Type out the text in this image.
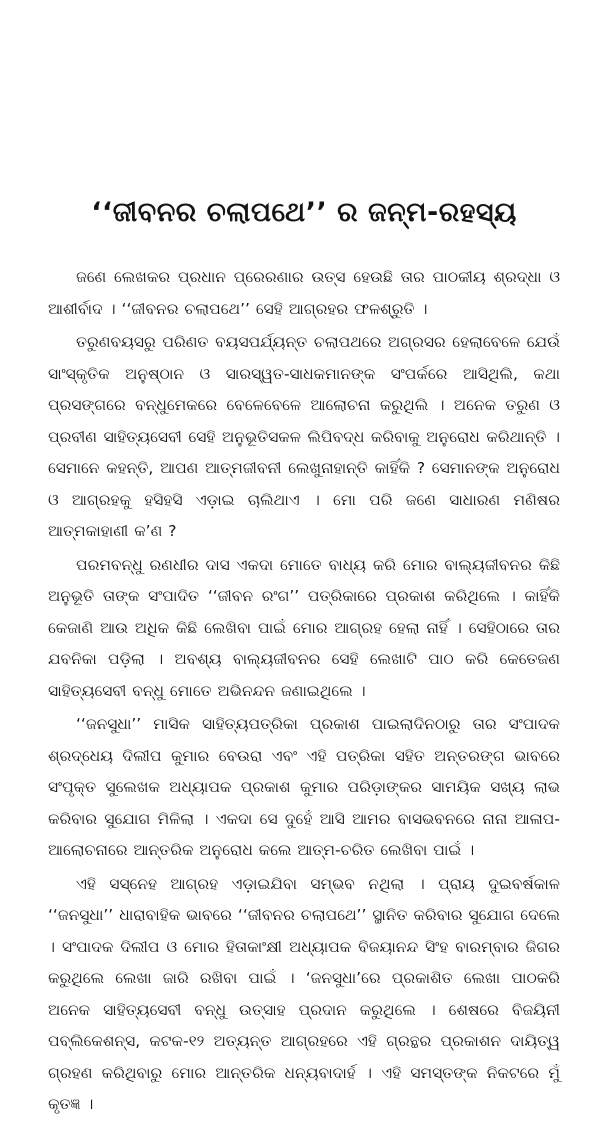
‘‘ଜୀବନର ଚଲାପଥେ’’ ର ଜନ୍ମ-ରହସ୍ୟ

ଜଣେ ଲେଖକର ପ୍ରଧାନ ପ୍ରେରଣାର ଉତ୍ସ ହେଉଛି ତାର ପାଠକୀୟ ଶ୍ରଦ୍ଧା ଓ ଆଶୀର୍ବାଦ । ‘‘ଜୀବନର ଚଲାପଥେ’’ ସେହି ଆଗ୍ରହର ଫଳଶ୍ରୁତି ।

ତରୁଣବୟସରୁ ପରିଣତ ବୟସପର୍ଯ୍ୟନ୍ତ ଚଲାପଥରେ ଅଗ୍ରସର ହେଲାବେଳେ ଯେଉଁ ସାଂସ୍କୃତିକ ଅନୁଷ୍ଠାନ ଓ ସାରସ୍ୱତ-ସାଧକମାନଙ୍କ ସଂପର୍କରେ ଆସିଥିଲି, କଥା ପ୍ରସଙ୍ଗରେ ବନ୍ଧୁମେକରେ ବେଳେବେଳେ ଆଲୋଚନା କରୁଥିଲି । ଅନେକ ତରୁଣ ଓ ପ୍ରବୀଣ ସାହିତ୍ୟସେବୀ ସେହି ଅନୁଭୂତିସକଳ ଲିପିବଦ୍ଧ କରିବାକୁ ଅନୁରୋଧ କରିଥାନ୍ତି । ସେମାନେ କହନ୍ତି, ଆପଣ ଆତ୍ମଜୀବନୀ ଲେଖୁନାହାନ୍ତି କାହିଁକି ? ସେମାନଙ୍କ ଅନୁରୋଧ ଓ ଆଗ୍ରହକୁ ହସିହସି ଏଡ଼ାଇ ଚାଲିଥାଏ । ମୋ ପରି ଜଣେ ସାଧାରଣ ମଣିଷର ଆତ୍ମକାହାଣୀ କ’ଣ ?

ପରମବନ୍ଧୁ ରଣଧୀର ଦାସ ଏକଦା ମୋତେ ବାଧ୍ୟ କରି ମୋର ବାଲ୍ୟଜୀବନର କିଛି ଅନୁଭୂତି ତାଙ୍କ ସଂପାଦିତ ‘‘ଜୀବନ ରଂଗ’’ ପତ୍ରିକାରେ ପ୍ରକାଶ କରିଥିଲେ । କାହିଁକି କେଜାଣି ଆଉ ଅଧିକ କିଛି ଲେଖିବା ପାଇଁ ମୋର ଆଗ୍ରହ ହେଲା ନାହିଁ । ସେହିଠାରେ ତାର ଯବନିକା ପଡ଼ିଲା । ଅବଶ୍ୟ ବାଲ୍ୟଜୀବନର ସେହି ଲେଖାଟି ପାଠ କରି କେତେଜଣ ସାହିତ୍ୟସେବୀ ବନ୍ଧୁ ମୋତେ ଅଭିନନ୍ଦନ ଜଣାଇଥିଲେ ।

‘‘ଜନସୁଧା’’ ମାସିକ ସାହିତ୍ୟପତ୍ରିକା ପ୍ରକାଶ ପାଇଲାଦିନଠାରୁ ତାର ସଂପାଦକ ଶ୍ରଦ୍ଧେୟ ଦିଲୀପ କୁମାର ବେଉରା ଏବଂ ଏହି ପତ୍ରିକା ସହିତ ଅନ୍ତରଙ୍ଗ ଭାବରେ ସଂପୃକ୍ତ ସୁଲେଖକ ଅଧ୍ୟାପକ ପ୍ରକାଶ କୁମାର ପରିଡ଼ାଙ୍କର ସାମୟିକ ସଖ୍ୟ ଲାଭ କରିବାର ସୁଯୋଗ ମିଳିଲା । ଏକଦା ସେ ଦୁହେଁ ଆସି ଆମର ବାସଭବନରେ ନାନା ଆଳାପ-ଆଲୋଚନାରେ ଆନ୍ତରିକ ଅନୁରୋଧ କଲେ ଆତ୍ମ-ଚରିତ ଲେଖିବା ପାଇଁ ।

ଏହି ସସ୍ନେହ ଆଗ୍ରହ ଏଡ଼ାଇଯିବା ସମ୍ଭବ ନଥିଲା । ପ୍ରାୟ ଦୁଇବର୍ଷକାଳ ‘‘ଜନସୁଧା’’ ଧାରାବାହିକ ଭାବରେ ‘‘ଜୀବନର ଚଲାପଥେ’’ ସ୍ଥାନିତ କରିବାର ସୁଯୋଗ ଦେଲେ । ସଂପାଦକ ଦିଲୀପ ଓ ମୋର ହିତାକାଂକ୍ଷୀ ଅଧ୍ୟାପକ ବିଜୟାନନ୍ଦ ସିଂହ ବାରମ୍ବାର ଜିଗର କରୁଥିଲେ ଲେଖା ଜାରି ରଖିବା ପାଇଁ । ‘ଜନସୁଧା’ରେ ପ୍ରକାଶିତ ଲେଖା ପାଠକରି ଅନେକ ସାହିତ୍ୟସେବୀ ବନ୍ଧୁ ଉତ୍ସାହ ପ୍ରଦାନ କରୁଥିଲେ । ଶେଷରେ ବିଜୟିନୀ ପବ୍ଲିକେଶନ୍ସ, କଟକ-୧୨ ଅତ୍ୟନ୍ତ ଆଗ୍ରହରେ ଏହି ଗ୍ରନ୍ଥର ପ୍ରକାଶନ ଦାୟିତ୍ୱ ଗ୍ରହଣ କରିଥିବାରୁ ମୋର ଆନ୍ତରିକ ଧନ୍ୟବାଦାର୍ହ । ଏହି ସମସ୍ତଙ୍କ ନିକଟରେ ମୁଁ କୃତଜ୍ଞ ।
